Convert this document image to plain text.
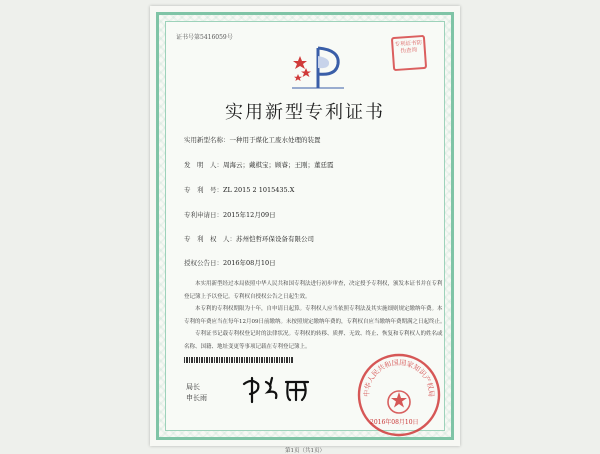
证书号第5416059号
专利证书防伪查询
实用新型专利证书
实用新型名称：一种用于煤化工废水处理的装置
发　明　人：周海云；戴棋宝；顾睿；王刚；董廷霞
专　利　号：ZL 2015 2 1015435.X
专利申请日：2015年12月09日
专　利　权　人：苏州恺哲环保设备有限公司
授权公告日：2016年08月10日

本实用新型经过本局依照中华人民共和国专利法进行初步审查，决定授予专利权，颁发本证书并在专利登记簿上予以登记。专利权自授权公告之日起生效。

本专利的专利权期限为十年，自申请日起算。专利权人应当依照专利法及其实施细则规定缴纳年费。本专利的年费应当在每年12月09日前缴纳。未按照规定缴纳年费的，专利权自应当缴纳年费期满之日起终止。

专利证书记载专利权登记时的法律状况。专利权的转移、质押、无效、终止、恢复和专利权人的姓名或名称、国籍、地址变更等事项记载在专利登记簿上。

局长
申长雨
中华人民共和国国家知识产权局
2016年08月10日
第1页（共1页）
